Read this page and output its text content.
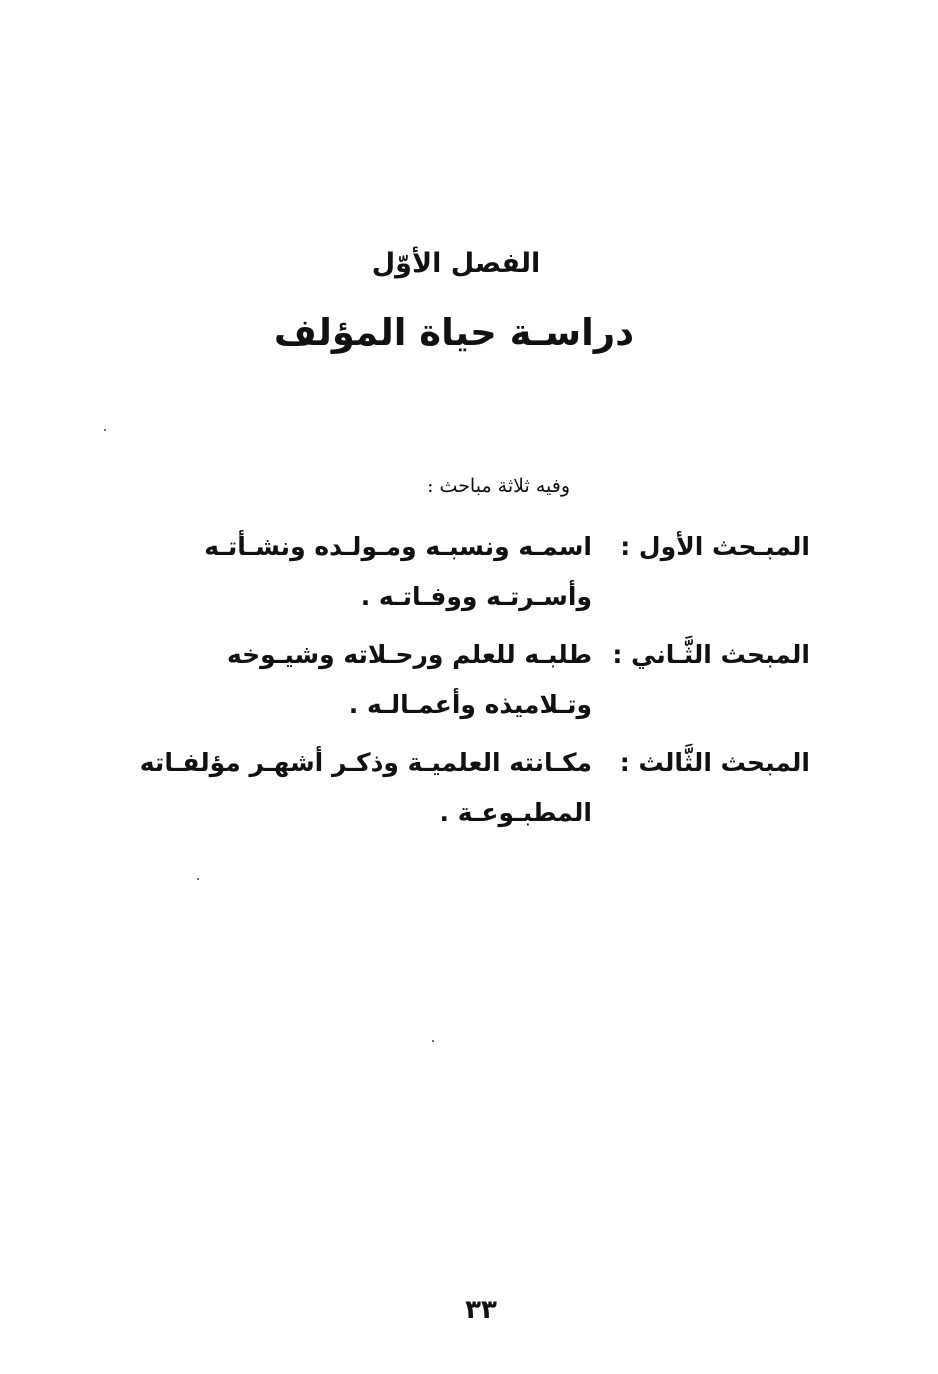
الفصل الأوّل
دراسـة حياة المؤلف
وفيه ثلاثة مباحث :
المبـحث الأول :
اسمـه ونسبـه ومـولـده ونشـأتـه وأسـرتـه ووفـاتـه .
المبحث الثَّـاني :
طلبـه للعلم ورحـلاته وشيـوخه وتـلاميذه وأعمـالـه .
المبحث الثَّالث :
مكـانته العلميـة وذكـر أشهـر مؤلفـاته المطبـوعـة .
٣٣
